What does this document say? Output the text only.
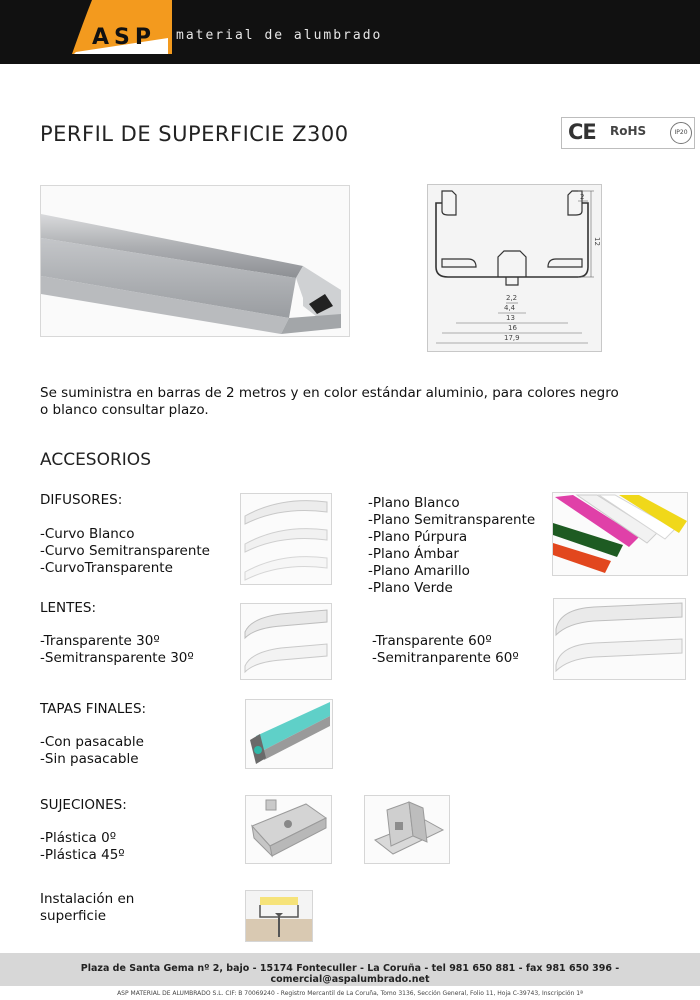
ASP material de alumbrado
PERFIL DE SUPERFICIE Z300	CE RoHS	IP20
2
12
2,2
4,4
13
16
17,9
Se suministra en barras de 2 metros y en color estándar aluminio, para colores negro o blanco consultar plazo.
ACCESORIOS
DIFUSORES:
-Curvo Blanco
-Curvo Semitransparente
-CurvoTransparente
-Plano Blanco
-Plano Semitransparente
-Plano Púrpura
-Plano Ámbar
-Plano Amarillo
-Plano Verde
LENTES:
-Transparente 30º
-Semitransparente 30º
-Transparente 60º
-Semitranparente 60º
TAPAS FINALES:
-Con pasacable
-Sin pasacable
SUJECIONES:
-Plástica 0º
-Plástica 45º
Instalación en
superficie
Plaza de Santa Gema nº 2, bajo - 15174 Fonteculler - La Coruña - tel 981 650 881 - fax 981 650 396 - comercial@aspalumbrado.net
ASP MATERIAL DE ALUMBRADO S.L. CIF: B 70069240 - Registro Mercantil de La Coruña, Tomo 3136, Sección General, Folio 11, Hoja C-39743, Inscripción 1ª
